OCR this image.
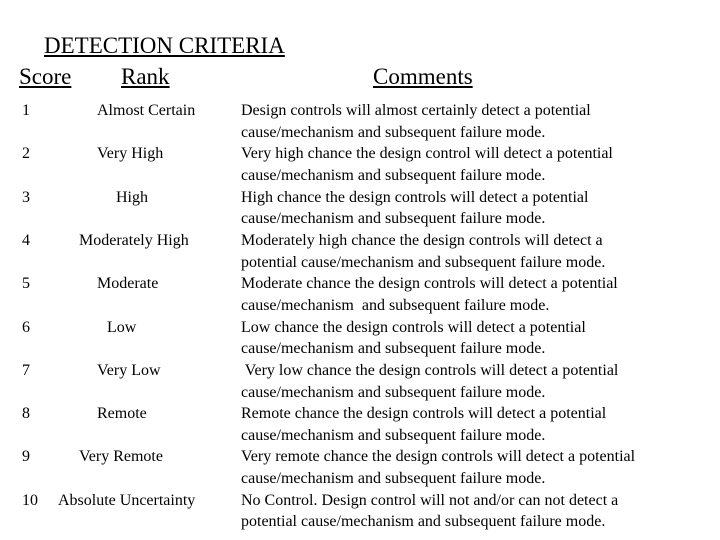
DETECTION CRITERIA
Score Rank	Comments
1	Almost Certain	Design controls will almost certainly detect a potential
cause/mechanism and subsequent failure mode.
2	Very High	Very high chance the design control will detect a potential
cause/mechanism and subsequent failure mode.
3	High	High chance the design controls will detect a potential
cause/mechanism and subsequent failure mode.
4	Moderately High	Moderately high chance the design controls will detect a
potential cause/mechanism and subsequent failure mode.
5	Moderate	Moderate chance the design controls will detect a potential
cause/mechanism  and subsequent failure mode.
6	Low	Low chance the design controls will detect a potential
cause/mechanism and subsequent failure mode.
7	Very Low	Very low chance the design controls will detect a potential
cause/mechanism and subsequent failure mode.
8	Remote	Remote chance the design controls will detect a potential
cause/mechanism and subsequent failure mode.
9	Very Remote	Very remote chance the design controls will detect a potential
cause/mechanism and subsequent failure mode.
10 Absolute Uncertainty	No Control. Design control will not and/or can not detect a
potential cause/mechanism and subsequent failure mode.
